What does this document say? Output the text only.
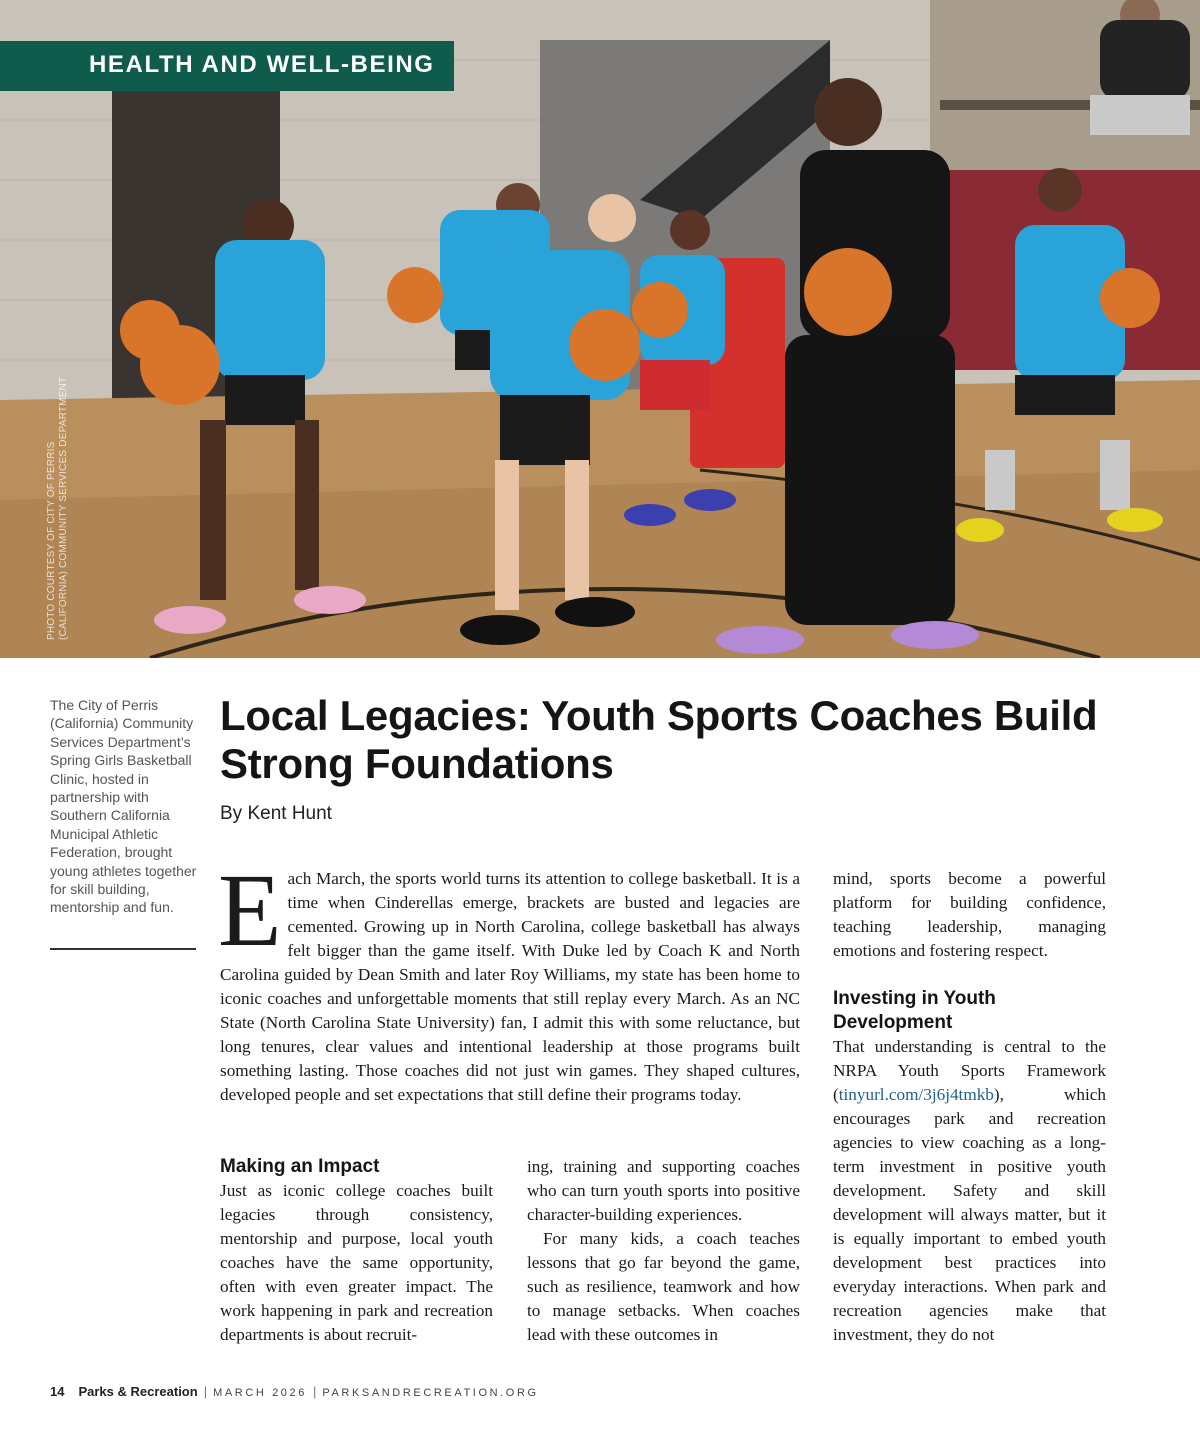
HEALTH AND WELL-BEING
PHOTO COURTESY OF CITY OF PERRIS (CALIFORNIA) COMMUNITY SERVICES DEPARTMENT
The City of Perris (California) Community Services Department’s Spring Girls Basketball Clinic, hosted in partnership with Southern California Municipal Athletic Federation, brought young athletes together for skill building, mentorship and fun.
Local Legacies: Youth Sports Coaches Build Strong Foundations
By Kent Hunt
E ach March, the sports world turns its attention to college basketball. It is a time when Cinderellas emerge, brackets are busted and legacies are cemented. Growing up in North Carolina, college basketball has always felt bigger than the game itself. With Duke led by Coach K and North Carolina guided by Dean Smith and later Roy Williams, my state has been home to iconic coaches and unforgettable moments that still replay every March. As an NC State (North Carolina State University) fan, I admit this with some reluctance, but long tenures, clear values and intentional leadership at those programs built something lasting. Those coaches did not just win games. They shaped cultures, developed people and set expectations that still define their programs today.

Making an Impact

Just as iconic college coaches built legacies through consistency, mentorship and purpose, local youth coaches have the same opportunity, often with even greater impact. The work happening in park and recreation departments is about recruit-

ing, training and supporting coaches who can turn youth sports into positive character-building experiences.

For many kids, a coach teaches lessons that go far beyond the game, such as resilience, teamwork and how to manage setbacks. When coaches lead with these outcomes in

mind, sports become a powerful platform for building confidence, teaching leadership, managing emotions and fostering respect.

Investing in Youth Development

That understanding is central to the NRPA Youth Sports Framework (tinyurl.com/3j6j4tmkb), which encourages park and recreation agencies to view coaching as a long-term investment in positive youth development. Safety and skill development will always matter, but it is equally important to embed youth development best practices into everyday interactions. When park and recreation agencies make that investment, they do not

14 Parks & Recreation | MARCH 2026 | PARKSANDRECREATION.ORG
